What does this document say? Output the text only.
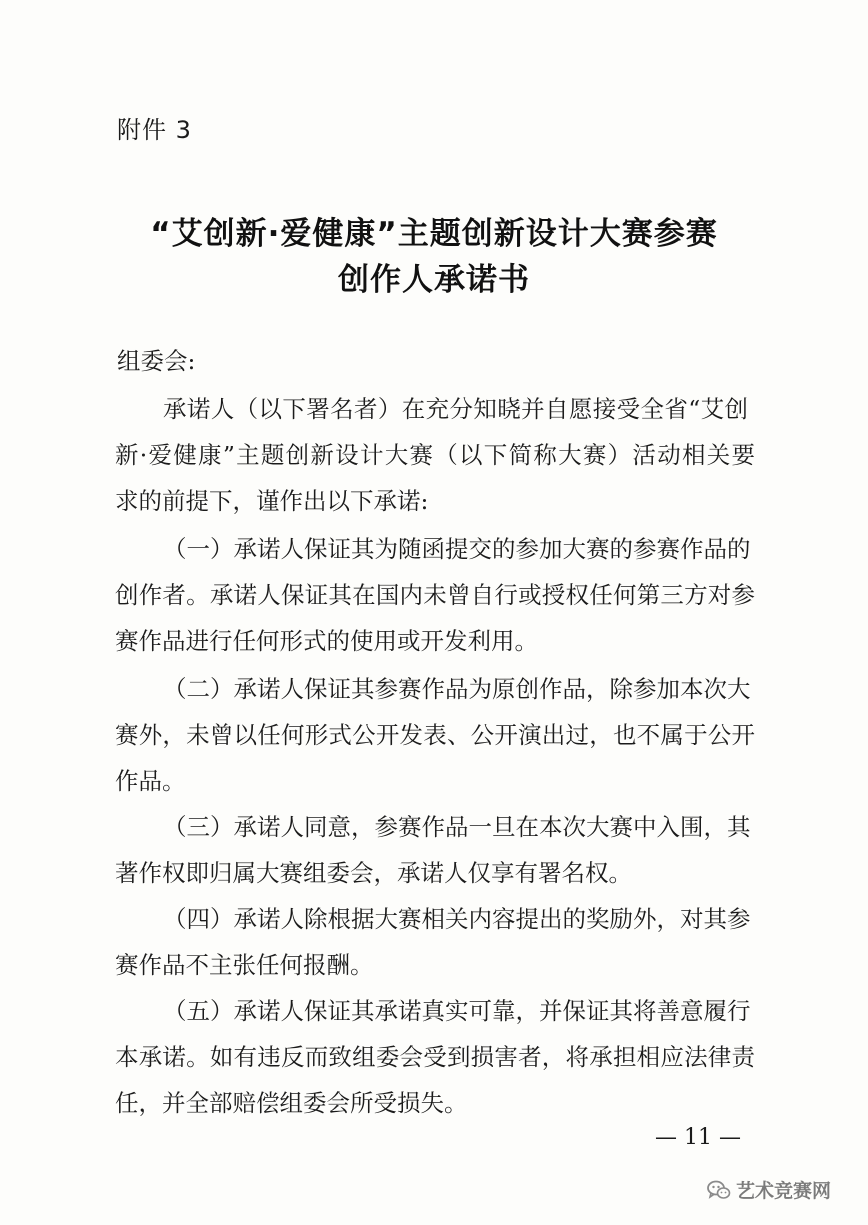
附件 3
“艾创新·爱健康”主题创新设计大赛参赛
创作人承诺书
组委会:
承诺人（以下署名者）在充分知晓并自愿接受全省“艾创
新·爱健康”主题创新设计大赛（以下简称大赛）活动相关要
求的前提下，谨作出以下承诺:
（一）承诺人保证其为随函提交的参加大赛的参赛作品的
创作者。承诺人保证其在国内未曾自行或授权任何第三方对参
赛作品进行任何形式的使用或开发利用。
（二）承诺人保证其参赛作品为原创作品，除参加本次大
赛外，未曾以任何形式公开发表、公开演出过，也不属于公开
作品。
（三）承诺人同意，参赛作品一旦在本次大赛中入围，其
著作权即归属大赛组委会，承诺人仅享有署名权。
（四）承诺人除根据大赛相关内容提出的奖励外，对其参
赛作品不主张任何报酬。
（五）承诺人保证其承诺真实可靠，并保证其将善意履行
本承诺。如有违反而致组委会受到损害者，将承担相应法律责
任，并全部赔偿组委会所受损失。
— 11 —
艺术竞赛网
